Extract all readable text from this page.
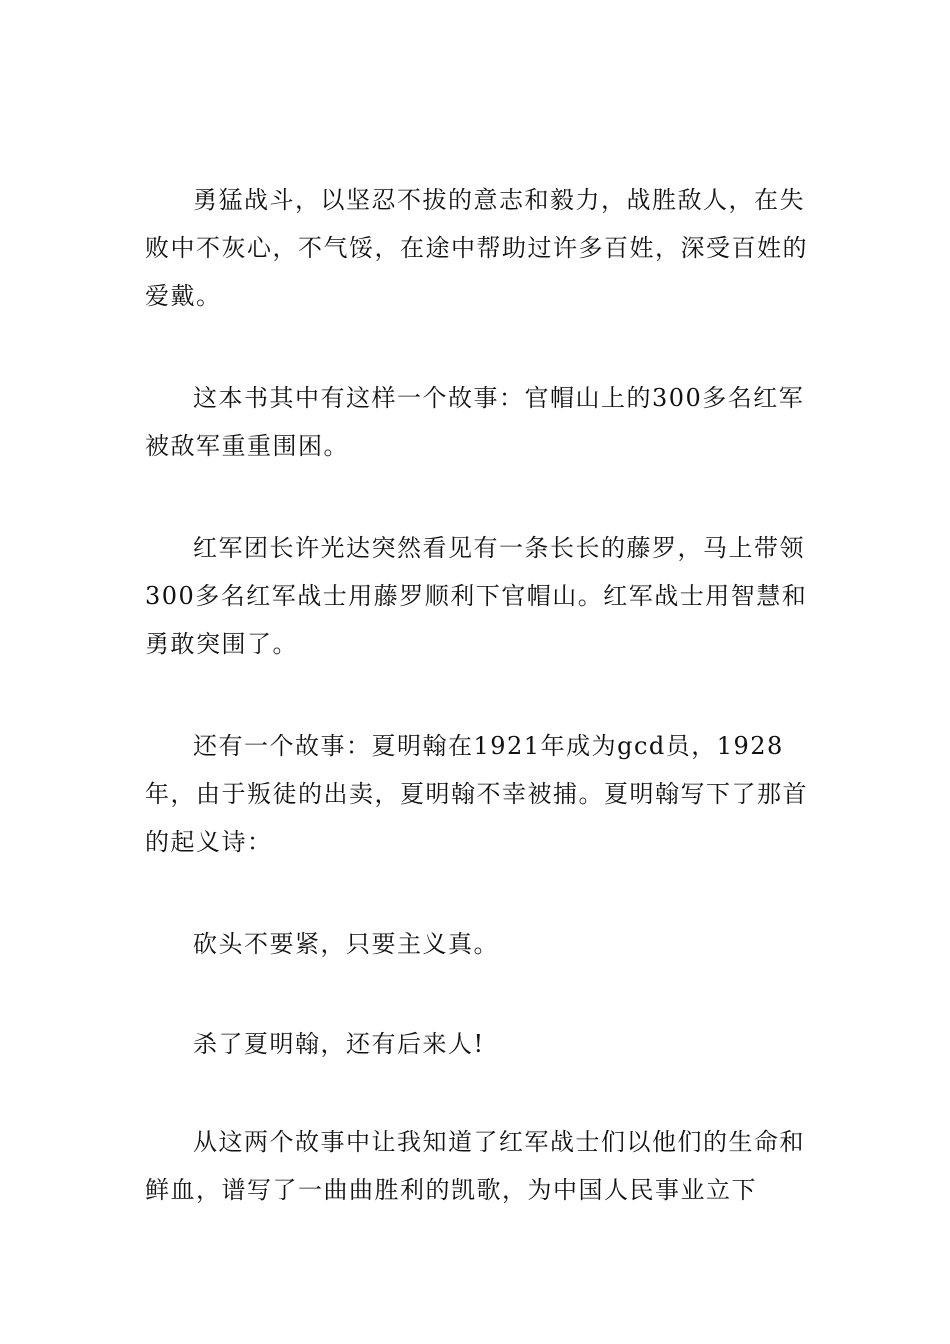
勇猛战斗，以坚忍不拔的意志和毅力，战胜敌人，在失败中不灰心，不气馁，在途中帮助过许多百姓，深受百姓的爱戴。

这本书其中有这样一个故事：官帽山上的300多名红军被敌军重重围困。

红军团长许光达突然看见有一条长长的藤罗，马上带领300多名红军战士用藤罗顺利下官帽山。红军战士用智慧和勇敢突围了。

还有一个故事：夏明翰在1921年成为gcd员，1928年，由于叛徒的出卖，夏明翰不幸被捕。夏明翰写下了那首的起义诗：

砍头不要紧，只要主义真。

杀了夏明翰，还有后来人!

从这两个故事中让我知道了红军战士们以他们的生命和鲜血，谱写了一曲曲胜利的凯歌，为中国人民事业立下
